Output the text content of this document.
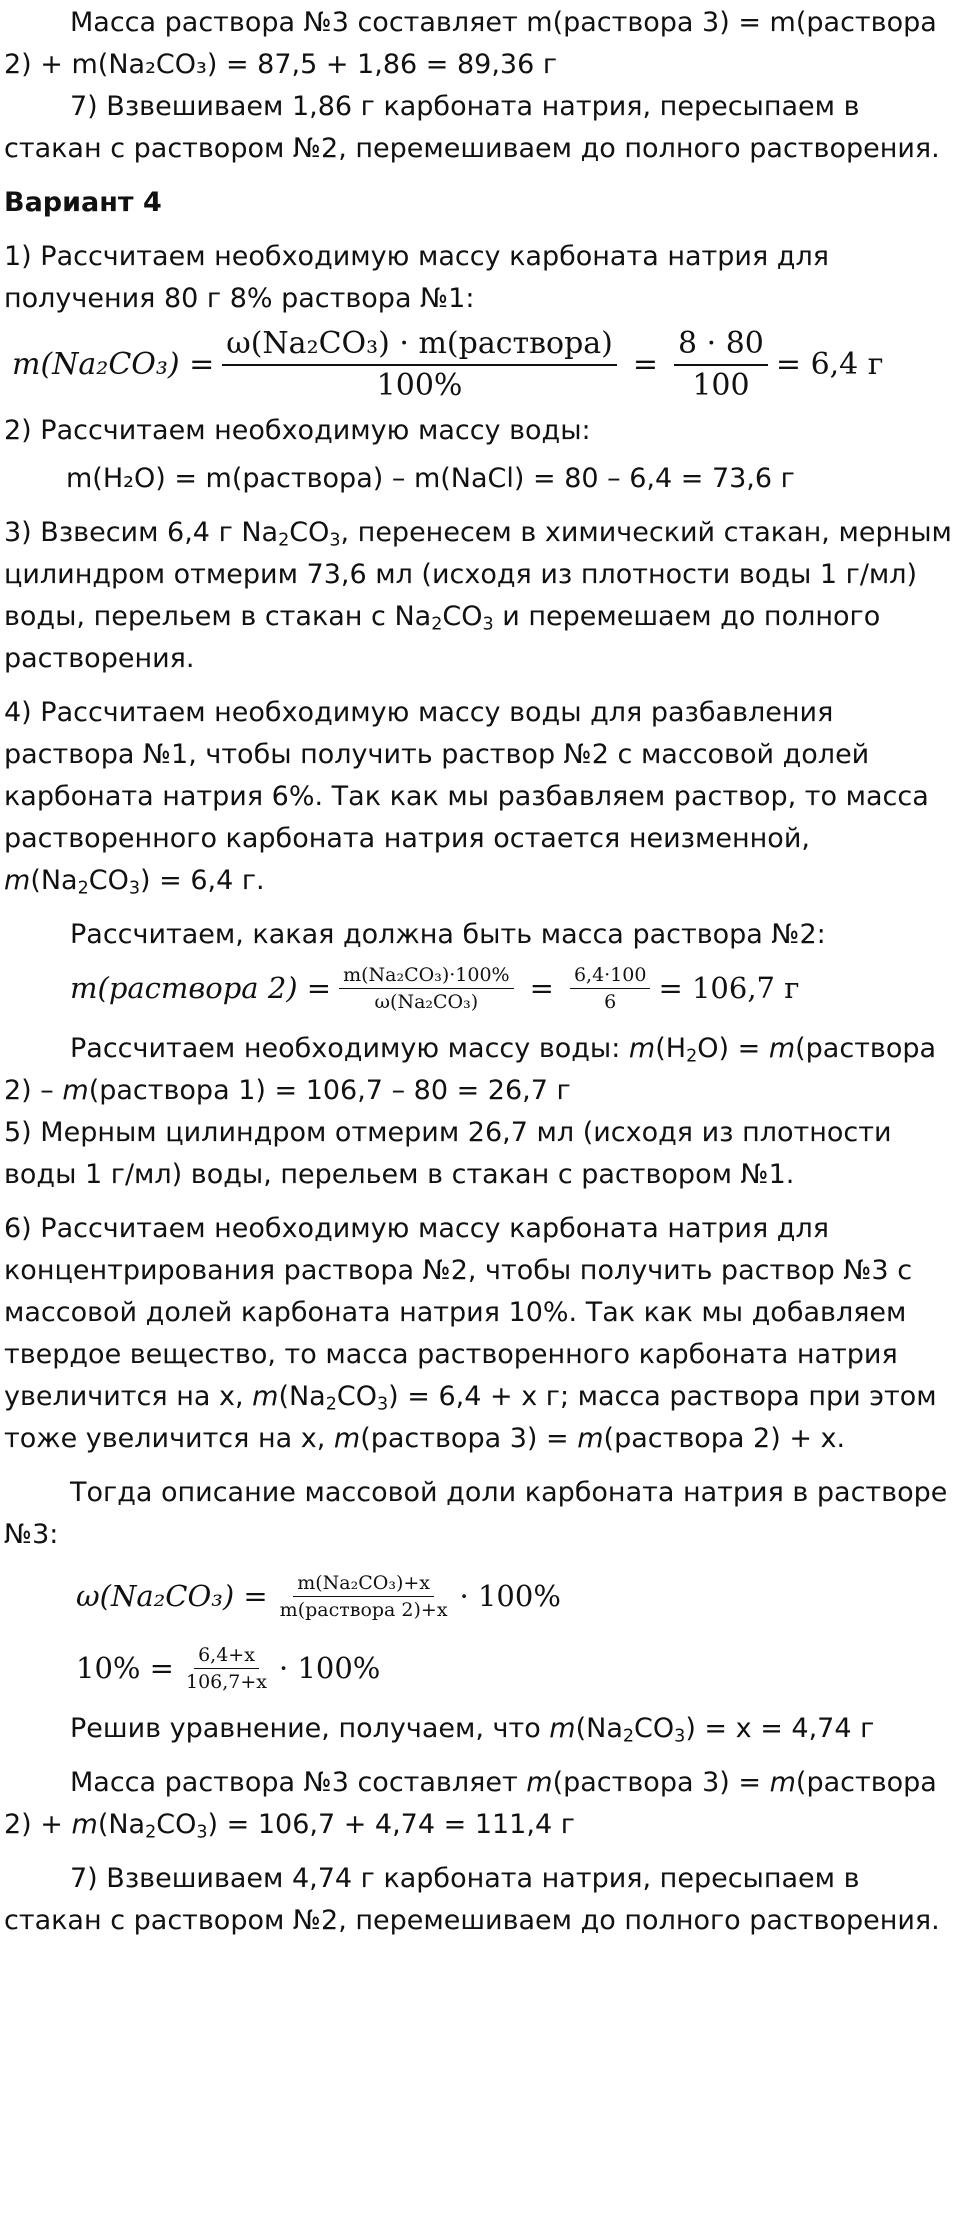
Масса раствора №3 составляет m(раствора 3) = m(раствора 2) + m(Na₂CO₃) = 87,5 + 1,86 = 89,36 г

7) Взвешиваем 1,86 г карбоната натрия, пересыпаем в стакан с раствором №2, перемешиваем до полного растворения.

Вариант 4

1) Рассчитаем необходимую массу карбоната натрия для получения 80 г 8% раствора №1:

$m(Na_2CO_3) = \frac{\text{ω(Na₂CO₃) · m(раствора)}}{100\%} = \frac{8 \cdot 80}{100} = 6,4$ г

2) Рассчитаем необходимую массу воды:

m(H₂O) = m(раствора) – m(NaCl) = 80 – 6,4 = 73,6 г

3) Взвесим 6,4 г $Na_2CO_3$, перенесем в химический стакан, мерным цилиндром отмерим 73,6 мл (исходя из плотности воды 1 г/мл) воды, перельем в стакан с $Na_2CO_3$ и перемешаем до полного растворения.

4) Рассчитаем необходимую массу воды для разбавления раствора №1, чтобы получить раствор №2 с массовой долей карбоната натрия 6%. Так как мы разбавляем раствор, то масса растворенного карбоната натрия остается неизменной, $m(Na_2CO_3) = 6,4$ г.

Рассчитаем, какая должна быть масса раствора №2:

m(раствора $2) = \frac{\text{m(Na₂CO₃)·100\%}}{\text{ω(Na₂CO₃)}} = \frac{6,4\cdot 100}{6} = 106,7$ г

Рассчитаем необходимую массу воды: $m(H_2O)$ = m(раствора 2) – m(раствора 1) = 106,7 – 80 = 26,7 г

5) Мерным цилиндром отмерим 26,7 мл (исходя из плотности воды 1 г/мл) воды, перельем в стакан с раствором №1.

6) Рассчитаем необходимую массу карбоната натрия для концентрирования раствора №2, чтобы получить раствор №3 с массовой долей карбоната натрия 10%. Так как мы добавляем твердое вещество, то масса растворенного карбоната натрия увеличится на x, $m(Na_2CO_3) = 6,4 + x$ г; масса раствора при этом тоже увеличится на x, m(раствора 3) = m(раствора 2) + x.

Тогда описание массовой доли карбоната натрия в растворе №3:

$\omega(Na_2CO_3) = \frac{\text{m(Na₂CO₃)+x}}{\text{m(раствора 2)+x}} \cdot 100\%$
$10\% = \frac{6,4+x}{106,7+x} \cdot 100\%$

Решив уравнение, получаем, что $m(Na_2CO_3) = x = 4,74$ г

Масса раствора №3 составляет m(раствора 3) = m(раствора $2) + m(Na_2CO_3) = 106,7 + 4,74 = 111,4$ г

7) Взвешиваем 4,74 г карбоната натрия, пересыпаем в стакан с раствором №2, перемешиваем до полного растворения.
